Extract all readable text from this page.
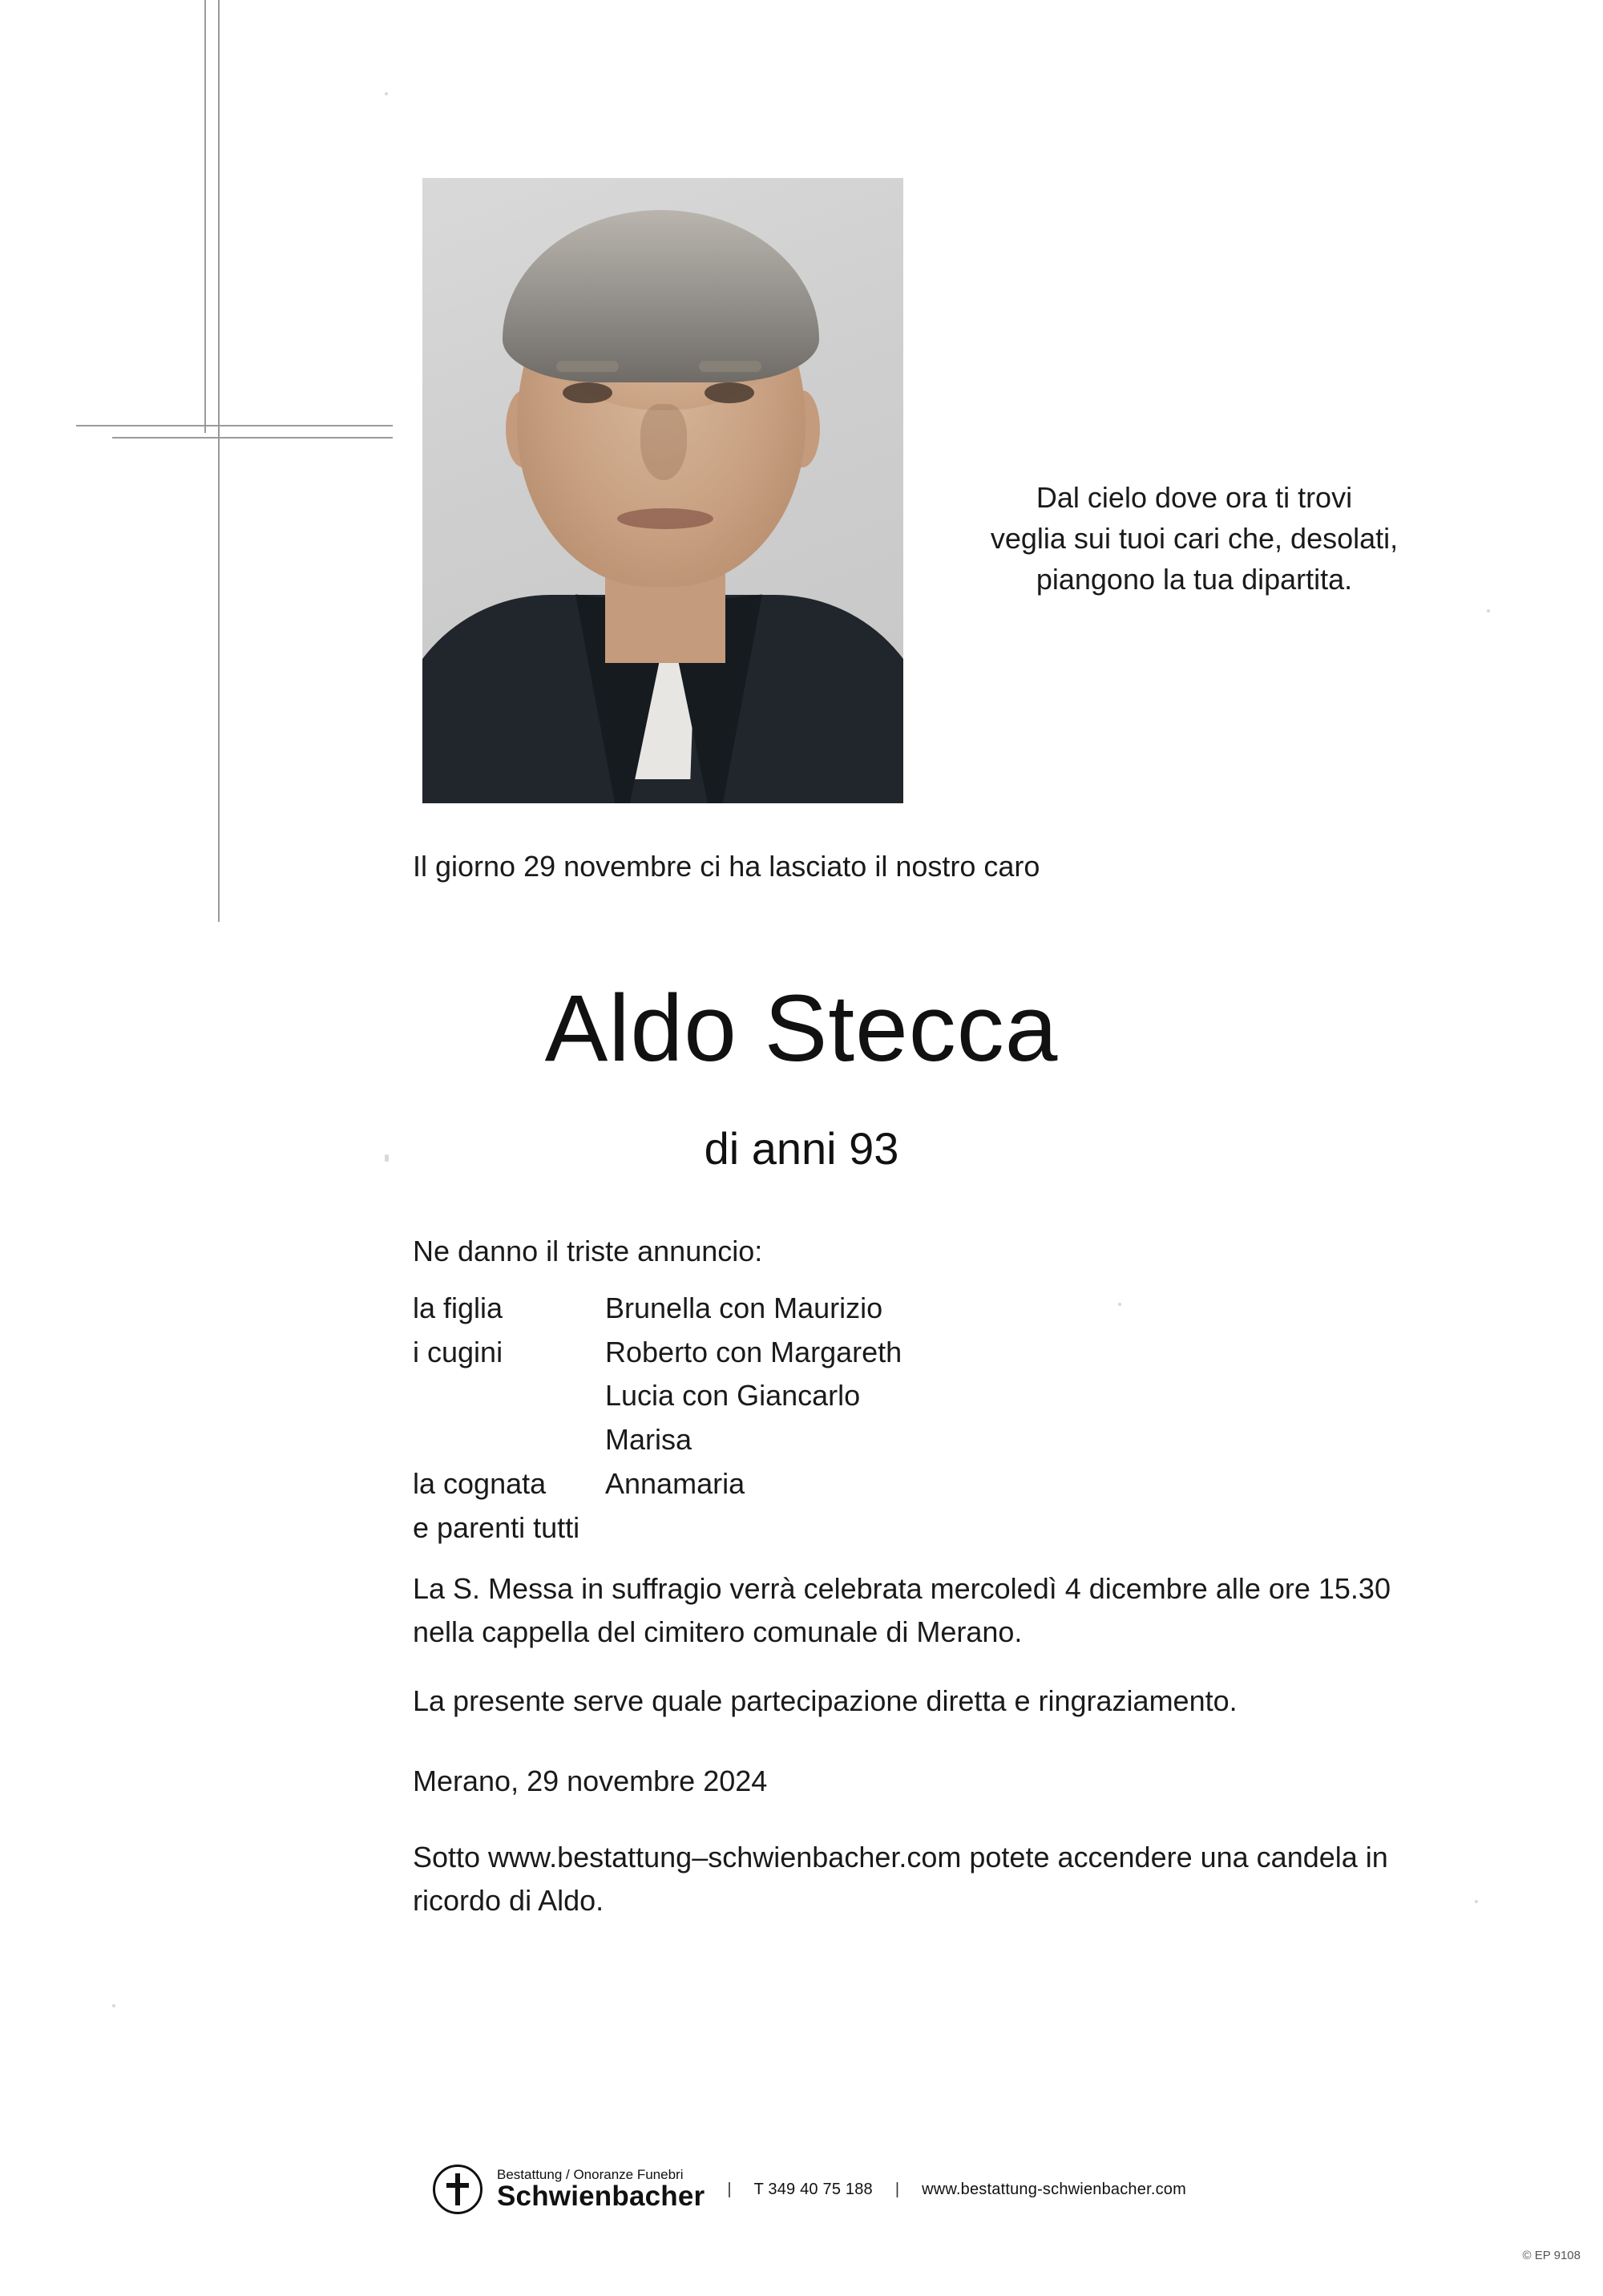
Dal cielo dove ora ti trovi
veglia sui tuoi cari che, desolati,
piangono la tua dipartita.
Il giorno 29 novembre ci ha lasciato il nostro caro
Aldo Stecca
di anni 93
Ne danno il triste annuncio:
la figlia	Brunella con Maurizio
i cugini	Roberto con Margareth
Lucia con Giancarlo
Marisa
la cognata	Annamaria
e parenti tutti
La S. Messa in suffragio verrà celebrata mercoledì 4 dicembre alle ore 15.30 nella cappella del cimitero comunale di Merano.
La presente serve quale partecipazione diretta e ringraziamento.
Merano, 29 novembre 2024
Sotto www.bestattung–schwienbacher.com potete accendere una candela in ricordo di Aldo.
Bestattung / Onoranze Funebri
Schwienbacher | T 349 40 75 188 | www.bestattung-schwienbacher.com
© EP 9108
